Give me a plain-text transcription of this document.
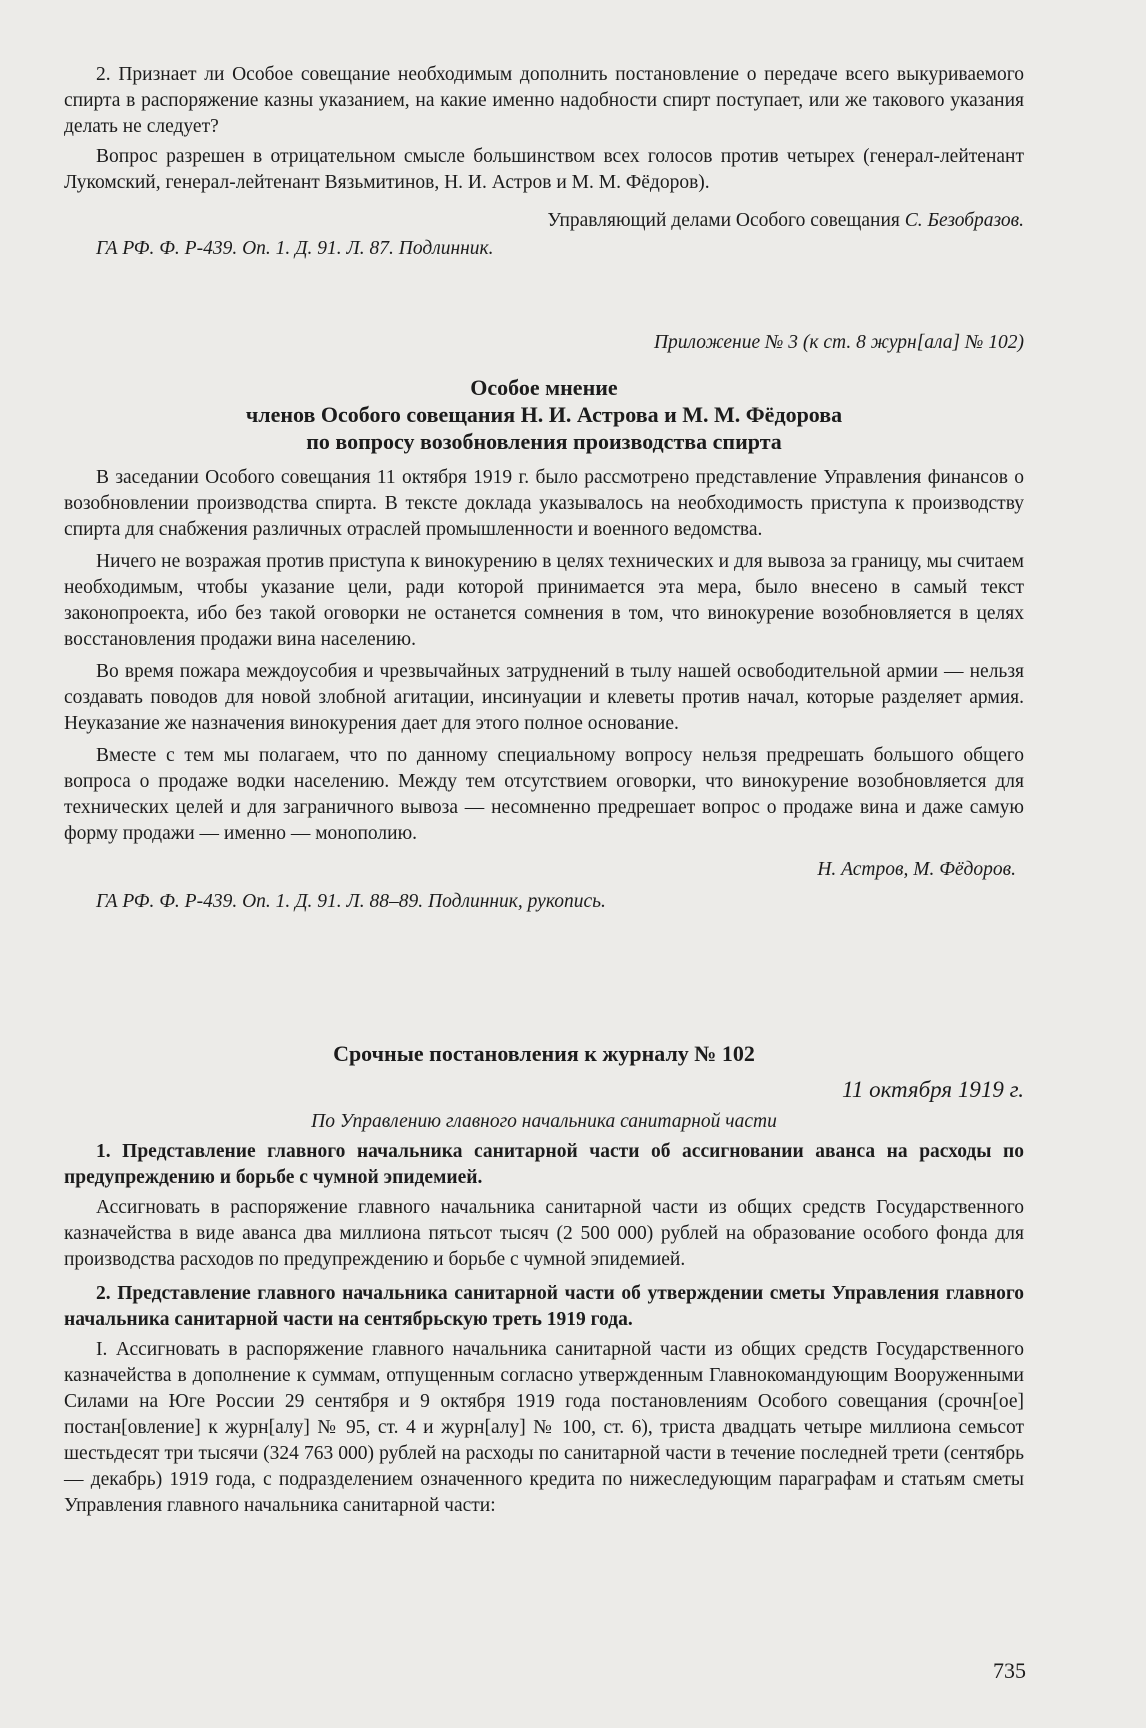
2. Признает ли Особое совещание необходимым дополнить постановление о передаче всего выкуриваемого спирта в распоряжение казны указанием, на какие именно надобности спирт поступает, или же такового указания делать не следует?

Вопрос разрешен в отрицательном смысле большинством всех голосов против четырех (генерал-лейтенант Лукомский, генерал-лейтенант Вязьмитинов, Н. И. Астров и М. М. Фёдоров).

Управляющий делами Особого совещания С. Безобразов.

ГА РФ. Ф. Р-439. Оп. 1. Д. 91. Л. 87. Подлинник.

Приложение № 3 (к ст. 8 журн[ала] № 102)

Особое мнение
членов Особого совещания Н. И. Астрова и М. М. Фёдорова
по вопросу возобновления производства спирта

В заседании Особого совещания 11 октября 1919 г. было рассмотрено представление Управления финансов о возобновлении производства спирта. В тексте доклада указывалось на необходимость приступа к производству спирта для снабжения различных отраслей промышленности и военного ведомства.

Ничего не возражая против приступа к винокурению в целях технических и для вывоза за границу, мы считаем необходимым, чтобы указание цели, ради которой принимается эта мера, было внесено в самый текст законопроекта, ибо без такой оговорки не останется сомнения в том, что винокурение возобновляется в целях восстановления продажи вина населению.

Во время пожара междоусобия и чрезвычайных затруднений в тылу нашей освободительной армии — нельзя создавать поводов для новой злобной агитации, инсинуации и клеветы против начал, которые разделяет армия. Неуказание же назначения винокурения дает для этого полное основание.

Вместе с тем мы полагаем, что по данному специальному вопросу нельзя предрешать большого общего вопроса о продаже водки населению. Между тем отсутствием оговорки, что винокурение возобновляется для технических целей и для заграничного вывоза — несомненно предрешает вопрос о продаже вина и даже самую форму продажи — именно — монополию.

Н. Астров, М. Фёдоров.

ГА РФ. Ф. Р-439. Оп. 1. Д. 91. Л. 88–89. Подлинник, рукопись.

Срочные постановления к журналу № 102

11 октября 1919 г.

По Управлению главного начальника санитарной части

1. Представление главного начальника санитарной части об ассигновании аванса на расходы по предупреждению и борьбе с чумной эпидемией.

Ассигновать в распоряжение главного начальника санитарной части из общих средств Государственного казначейства в виде аванса два миллиона пятьсот тысяч (2 500 000) рублей на образование особого фонда для производства расходов по предупреждению и борьбе с чумной эпидемией.

2. Представление главного начальника санитарной части об утверждении сметы Управления главного начальника санитарной части на сентябрьскую треть 1919 года.

I. Ассигновать в распоряжение главного начальника санитарной части из общих средств Государственного казначейства в дополнение к суммам, отпущенным согласно утвержденным Главнокомандующим Вооруженными Силами на Юге России 29 сентября и 9 октября 1919 года постановлениям Особого совещания (срочн[ое] постан[овление] к журн[алу] № 95, ст. 4 и журн[алу] № 100, ст. 6), триста двадцать четыре миллиона семьсот шестьдесят три тысячи (324 763 000) рублей на расходы по санитарной части в течение последней трети (сентябрь — декабрь) 1919 года, с подразделением означенного кредита по нижеследующим параграфам и статьям сметы Управления главного начальника санитарной части:

735
